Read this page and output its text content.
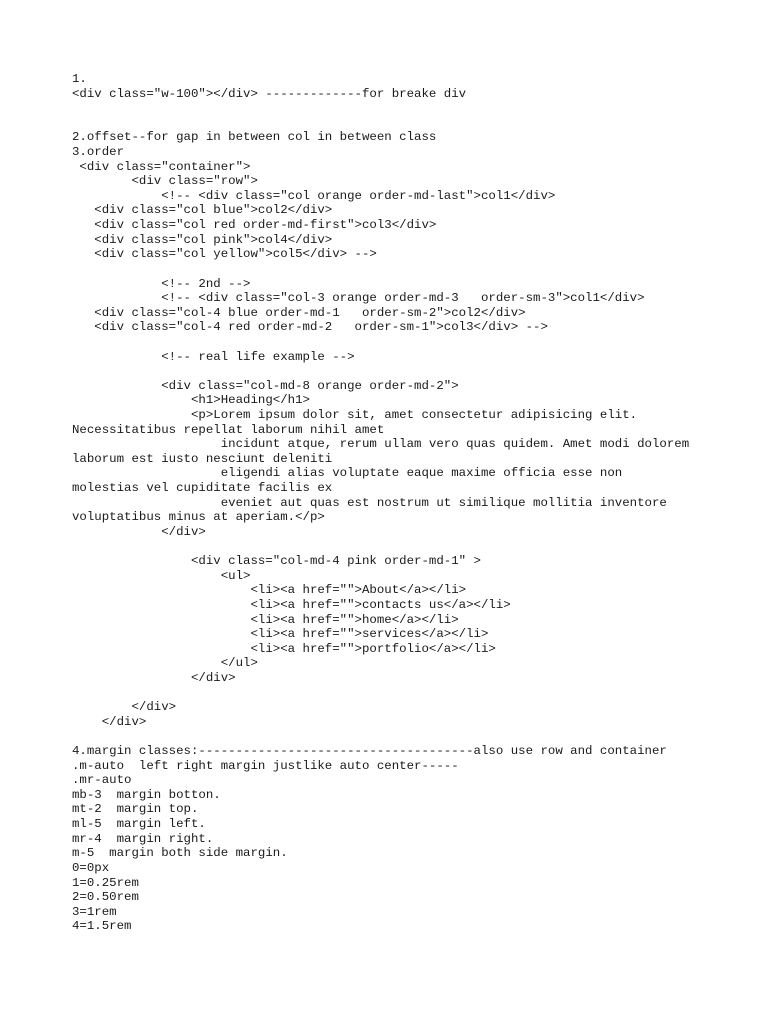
1.
<div class="w-100"></div> -------------for breake div

2.offset--for gap in between col in between class
3.order
<div class="container">
<div class="row">
<!-- <div class="col orange order-md-last">col1</div>
<div class="col blue">col2</div>
<div class="col red order-md-first">col3</div>
<div class="col pink">col4</div>
<div class="col yellow">col5</div> -->

<!-- 2nd -->
<!-- <div class="col-3 orange order-md-3   order-sm-3">col1</div>
<div class="col-4 blue order-md-1   order-sm-2">col2</div>
<div class="col-4 red order-md-2   order-sm-1">col3</div> -->

<!-- real life example -->

<div class="col-md-8 orange order-md-2">
<h1>Heading</h1>
<p>Lorem ipsum dolor sit, amet consectetur adipisicing elit.
Necessitatibus repellat laborum nihil amet
incidunt atque, rerum ullam vero quas quidem. Amet modi dolorem
laborum est iusto nesciunt deleniti
eligendi alias voluptate eaque maxime officia esse non
molestias vel cupiditate facilis ex
eveniet aut quas est nostrum ut similique mollitia inventore
voluptatibus minus at aperiam.</p>
</div>

<div class="col-md-4 pink order-md-1" >
<ul>
<li><a href="">About</a></li>
<li><a href="">contacts us</a></li>
<li><a href="">home</a></li>
<li><a href="">services</a></li>
<li><a href="">portfolio</a></li>
</ul>
</div>

</div>
</div>

4.margin classes:-------------------------------------also use row and container
.m-auto  left right margin justlike auto center-----
.mr-auto
mb-3  margin botton.
mt-2  margin top.
ml-5  margin left.
mr-4  margin right.
m-5  margin both side margin.
0=0px
1=0.25rem
2=0.50rem
3=1rem
4=1.5rem
